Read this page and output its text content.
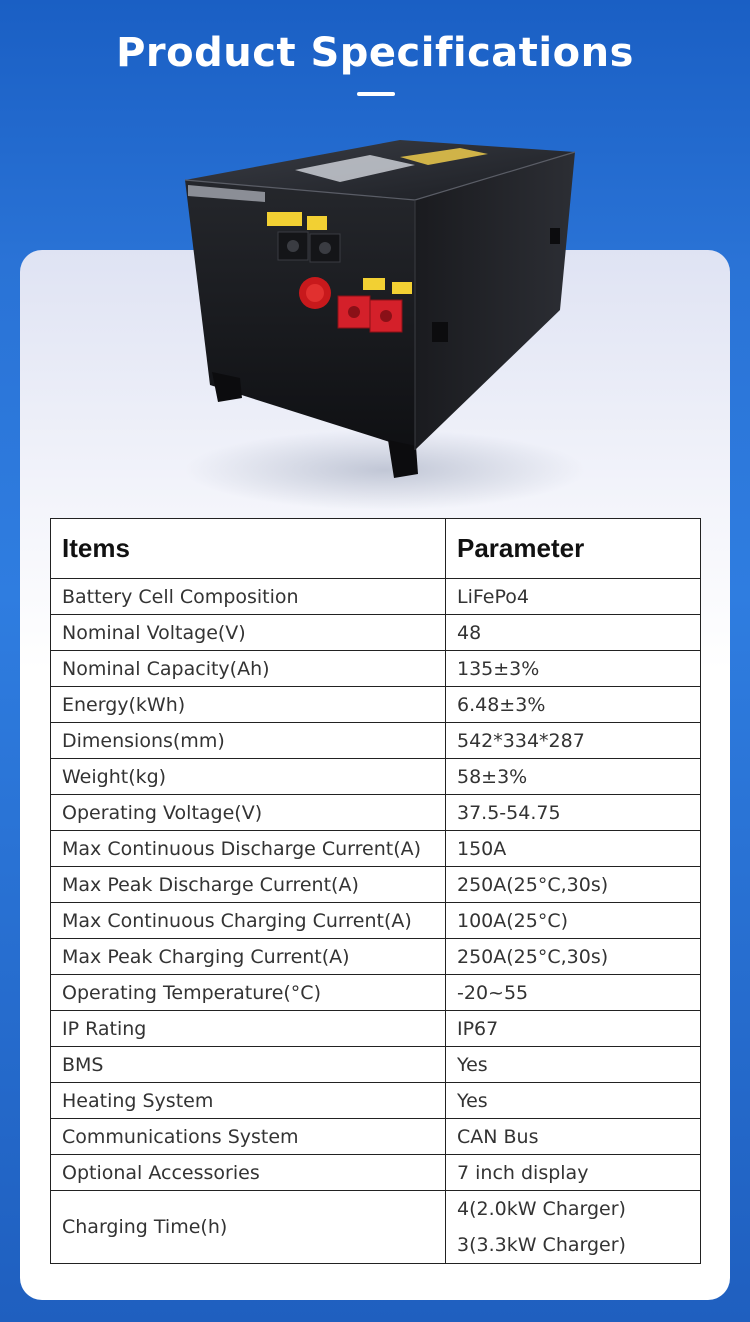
Product Specifications
Items	Parameter
Battery Cell Composition	LiFePo4
Nominal Voltage(V)	48
Nominal Capacity(Ah)	135±3%
Energy(kWh)	6.48±3%
Dimensions(mm)	542*334*287
Weight(kg)	58±3%
Operating Voltage(V)	37.5-54.75
Max Continuous Discharge Current(A)	150A
Max Peak Discharge Current(A)	250A(25°C,30s)
Max Continuous Charging Current(A)	100A(25°C)
Max Peak Charging Current(A)	250A(25°C,30s)
Operating Temperature(°C)	-20~55
IP Rating	IP67
BMS	Yes
Heating System	Yes
Communications System	CAN Bus
Optional Accessories	7 inch display
Charging Time(h)	4(2.0kW Charger)
3(3.3kW Charger)
